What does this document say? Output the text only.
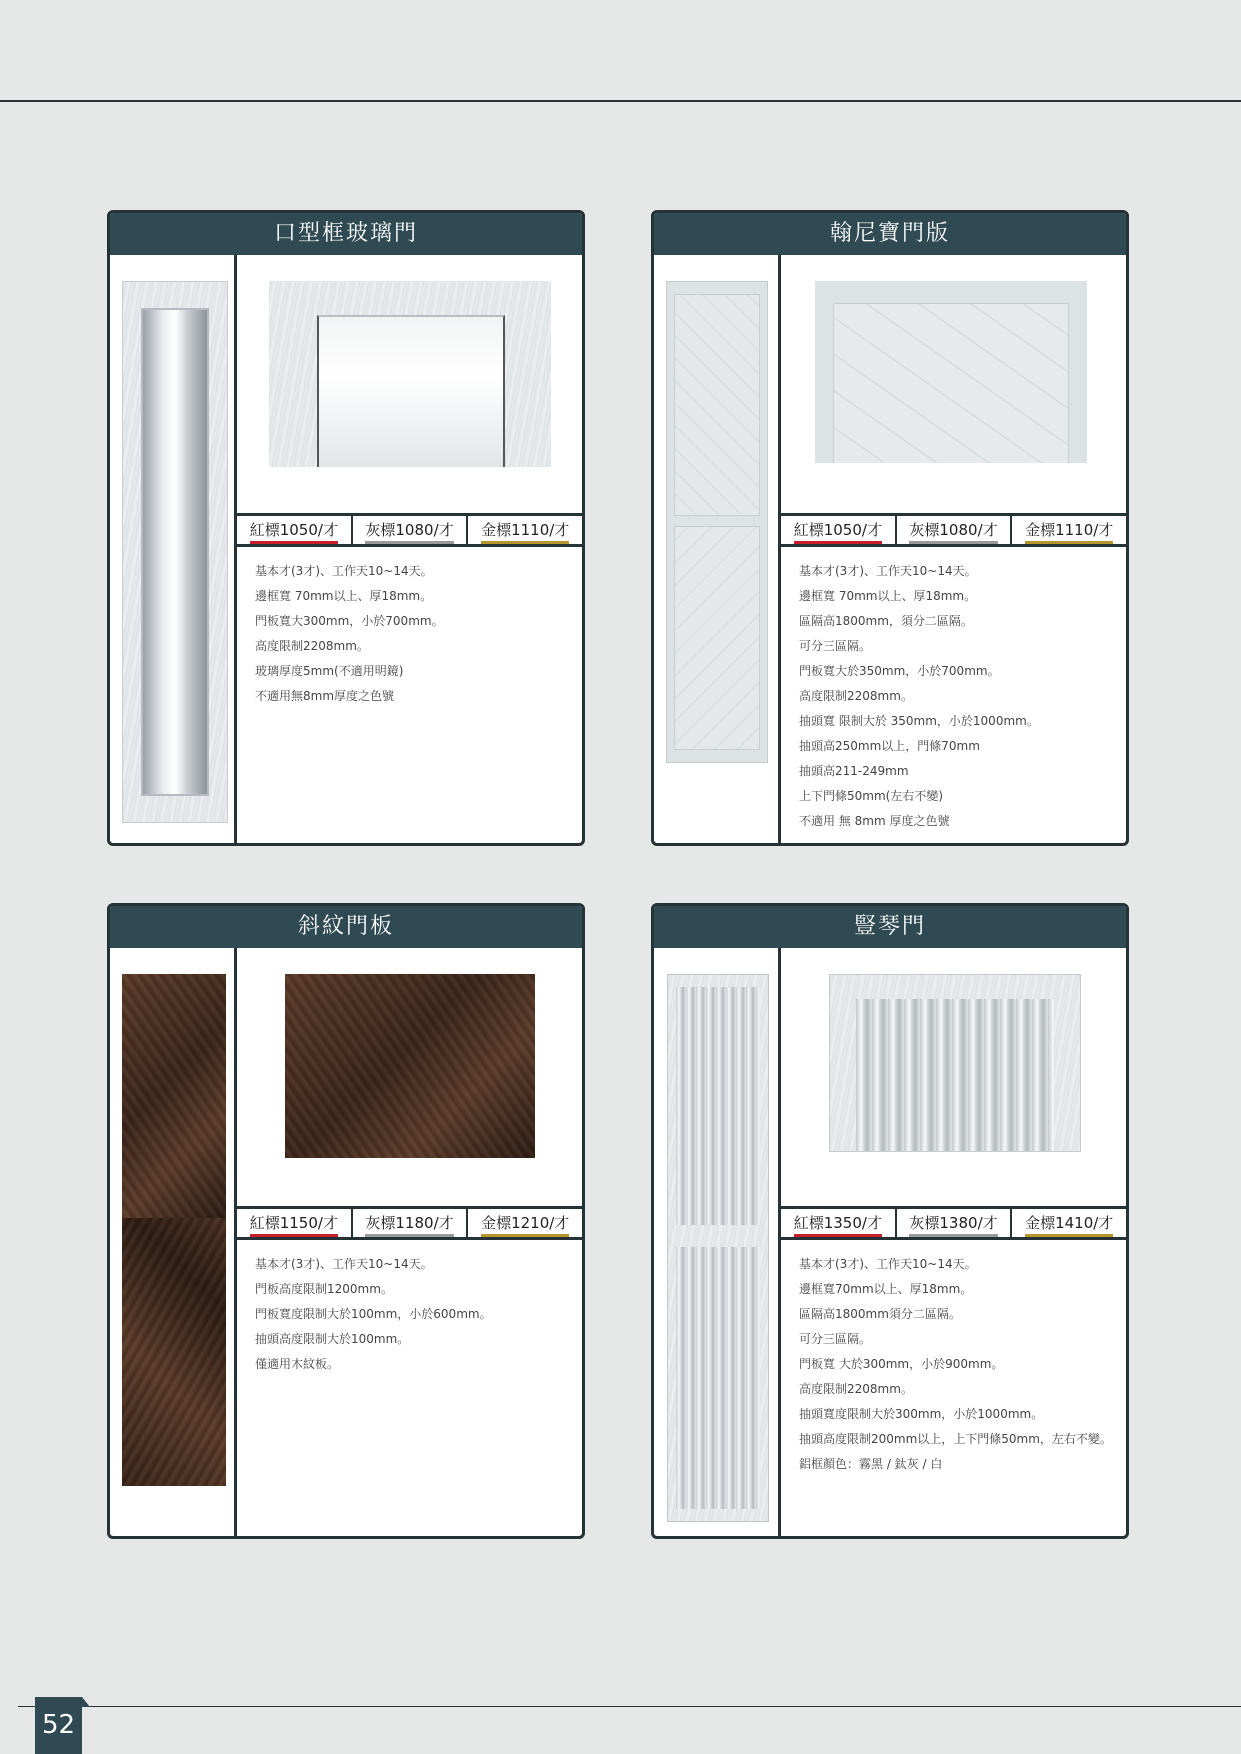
口型框玻璃門
紅標1050/才	灰標1080/才	金標1110/才
基本才(3才)、工作天10~14天。
邊框寬 70mm以上、厚18mm。
門板寬大300mm，小於700mm。
高度限制2208mm。
玻璃厚度5mm(不適用明鏡)
不適用無8mm厚度之色號
翰尼寶門版
紅標1050/才	灰標1080/才	金標1110/才
基本才(3才)、工作天10~14天。
邊框寬 70mm以上、厚18mm。
區隔高1800mm，須分二區隔。
可分三區隔。
門板寬大於350mm，小於700mm。
高度限制2208mm。
抽頭寬 限制大於 350mm，小於1000mm。
抽頭高250mm以上，門條70mm
抽頭高211-249mm
上下門條50mm(左右不變)
不適用 無 8mm 厚度之色號
斜紋門板
紅標1150/才	灰標1180/才	金標1210/才
基本才(3才)、工作天10~14天。
門板高度限制1200mm。
門板寬度限制大於100mm，小於600mm。
抽頭高度限制大於100mm。
僅適用木紋板。
豎琴門
紅標1350/才	灰標1380/才	金標1410/才
基本才(3才)、工作天10~14天。
邊框寬70mm以上、厚18mm。
區隔高1800mm須分二區隔。
可分三區隔。
門板寬 大於300mm，小於900mm。
高度限制2208mm。
抽頭寬度限制大於300mm，小於1000mm。
抽頭高度限制200mm以上，上下門條50mm，左右不變。
鋁框顏色：霧黑 / 鈦灰 / 白
52
